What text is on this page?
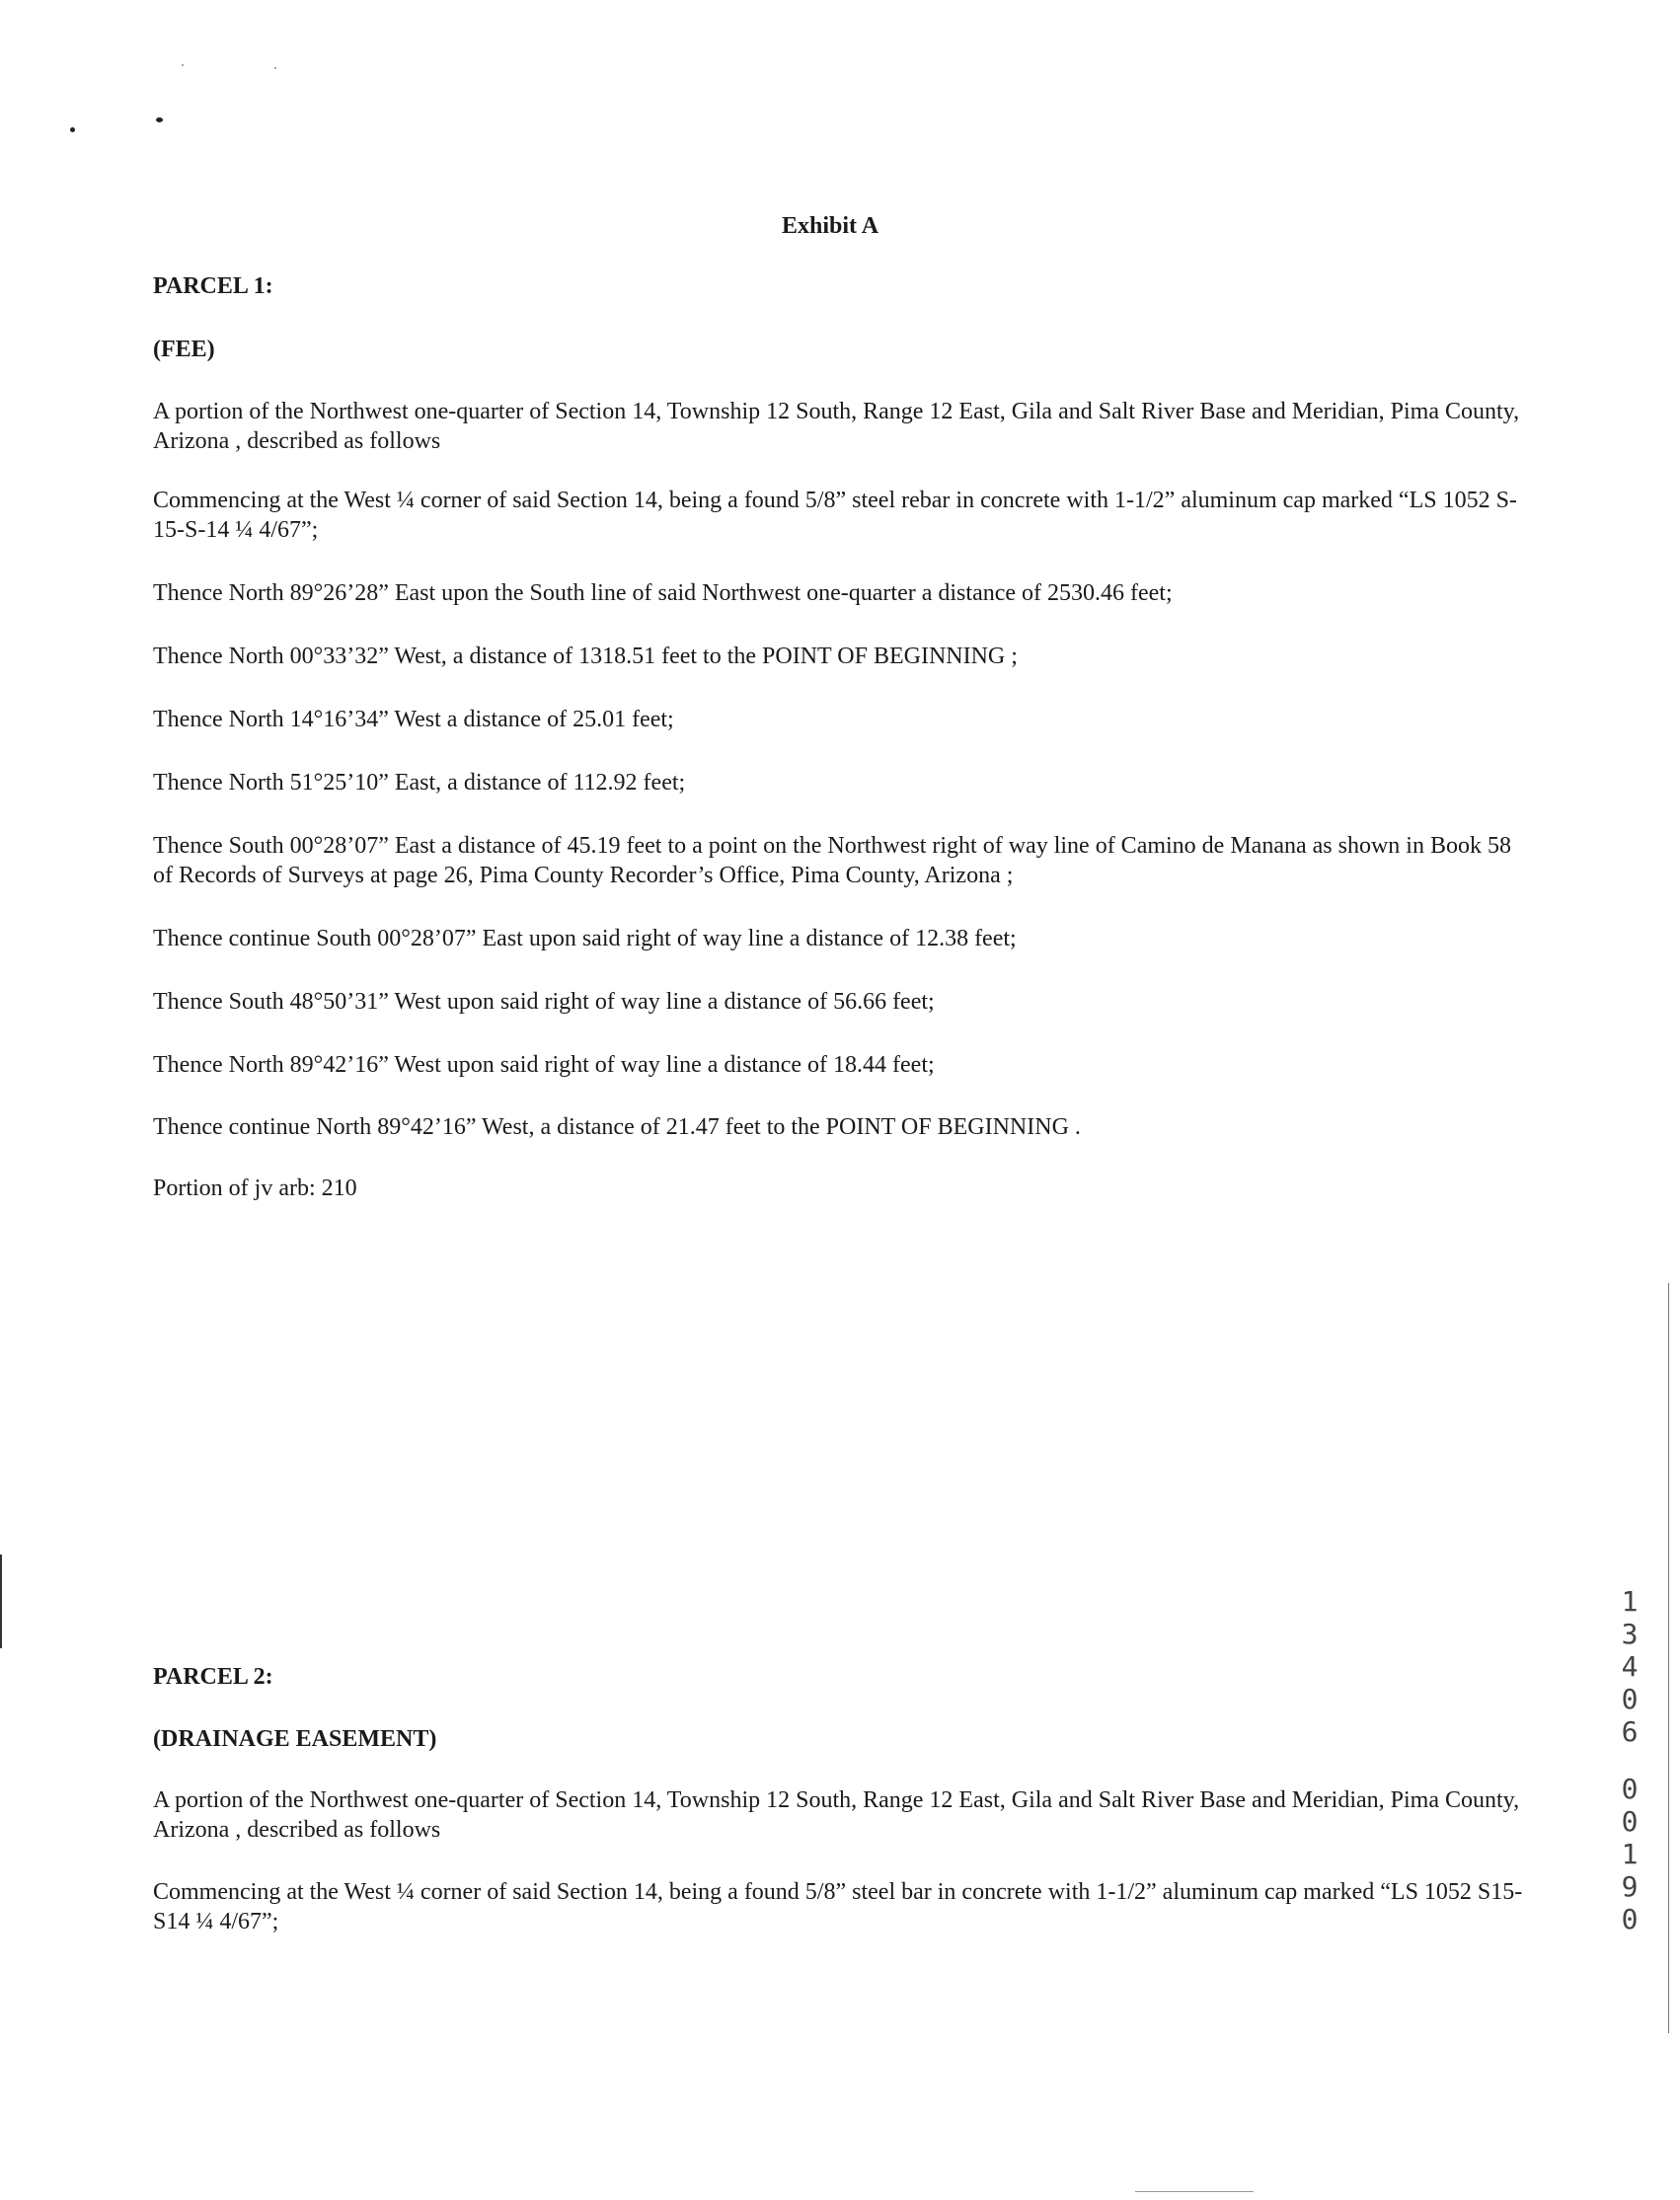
Exhibit A
PARCEL 1:
(FEE)
A portion of the Northwest one-quarter of Section 14, Township 12 South, Range 12 East, Gila and Salt River Base and Meridian, Pima County, Arizona , described as follows
Commencing at the West ¼ corner of said Section 14, being a found 5/8” steel rebar in concrete with 1-1/2” aluminum cap marked “LS 1052 S-15-S-14 ¼ 4/67”;
Thence North 89°26’28” East upon the South line of said Northwest one-quarter a distance of 2530.46 feet;
Thence North 00°33’32” West, a distance of 1318.51 feet to the POINT OF BEGINNING ;
Thence North 14°16’34” West a distance of 25.01 feet;
Thence North 51°25’10” East, a distance of 112.92 feet;
Thence South 00°28’07” East a distance of 45.19 feet to a point on the Northwest right of way line of Camino de Manana as shown in Book 58 of Records of Surveys at page 26, Pima County Recorder’s Office, Pima County, Arizona ;
Thence continue South 00°28’07” East upon said right of way line a distance of 12.38 feet;
Thence South 48°50’31” West upon said right of way line a distance of 56.66 feet;
Thence North 89°42’16” West upon said right of way line a distance of 18.44 feet;
Thence continue North 89°42’16” West, a distance of 21.47 feet to the POINT OF BEGINNING .
Portion of jv arb: 210
PARCEL 2:
(DRAINAGE EASEMENT)
A portion of the Northwest one-quarter of Section 14, Township 12 South, Range 12 East, Gila and Salt River Base and Meridian, Pima County, Arizona , described as follows
Commencing at the West ¼ corner of said Section 14, being a found 5/8” steel bar in concrete with 1-1/2” aluminum cap marked “LS 1052 S15-S14 ¼ 4/67”;
1
3
4
0
6
0
0
1
9
0
